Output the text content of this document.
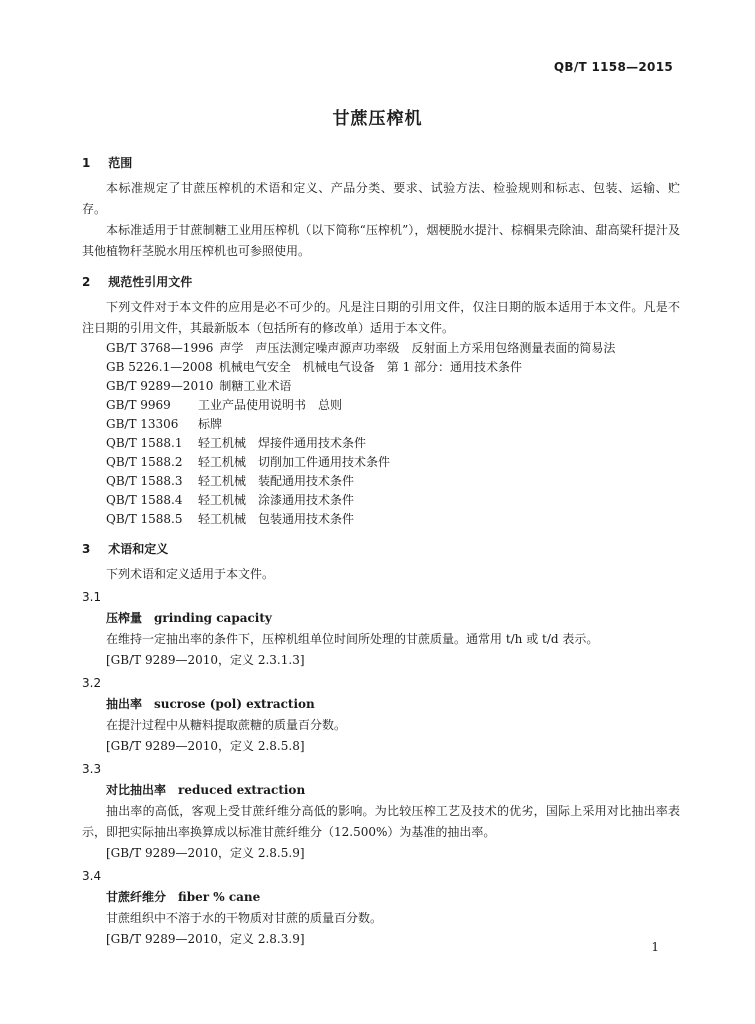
QB/T 1158—2015
甘蔗压榨机
1 范围

本标准规定了甘蔗压榨机的术语和定义、产品分类、要求、试验方法、检验规则和标志、包装、运输、贮存。

本标准适用于甘蔗制糖工业用压榨机（以下简称“压榨机”），烟梗脱水提汁、棕榈果壳除油、甜高粱秆提汁及其他植物秆茎脱水用压榨机也可参照使用。

2 规范性引用文件

下列文件对于本文件的应用是必不可少的。凡是注日期的引用文件，仅注日期的版本适用于本文件。凡是不注日期的引用文件，其最新版本（包括所有的修改单）适用于本文件。

GB/T 3768—1996 声学　声压法测定噪声源声功率级　反射面上方采用包络测量表面的简易法
GB 5226.1—2008 机械电气安全　机械电气设备　第 1 部分：通用技术条件
GB/T 9289—2010 制糖工业术语
GB/T 9969 工业产品使用说明书　总则
GB/T 13306 标牌
QB/T 1588.1 轻工机械　焊接件通用技术条件
QB/T 1588.2 轻工机械　切削加工件通用技术条件
QB/T 1588.3 轻工机械　装配通用技术条件
QB/T 1588.4 轻工机械　涂漆通用技术条件
QB/T 1588.5 轻工机械　包装通用技术条件
3 术语和定义

下列术语和定义适用于本文件。

3.1
压榨量 grinding capacity

在维持一定抽出率的条件下，压榨机组单位时间所处理的甘蔗质量。通常用 t/h 或 t/d 表示。

[GB/T 9289—2010，定义 2.3.1.3]
3.2
抽出率 sucrose (pol) extraction

在提汁过程中从糖料提取蔗糖的质量百分数。

[GB/T 9289—2010，定义 2.8.5.8]
3.3
对比抽出率 reduced extraction

抽出率的高低，客观上受甘蔗纤维分高低的影响。为比较压榨工艺及技术的优劣，国际上采用对比抽出率表示，即把实际抽出率换算成以标准甘蔗纤维分（12.500%）为基准的抽出率。

[GB/T 9289—2010，定义 2.8.5.9]
3.4
甘蔗纤维分 fiber % cane

甘蔗组织中不溶于水的干物质对甘蔗的质量百分数。

[GB/T 9289—2010，定义 2.8.3.9]
1
